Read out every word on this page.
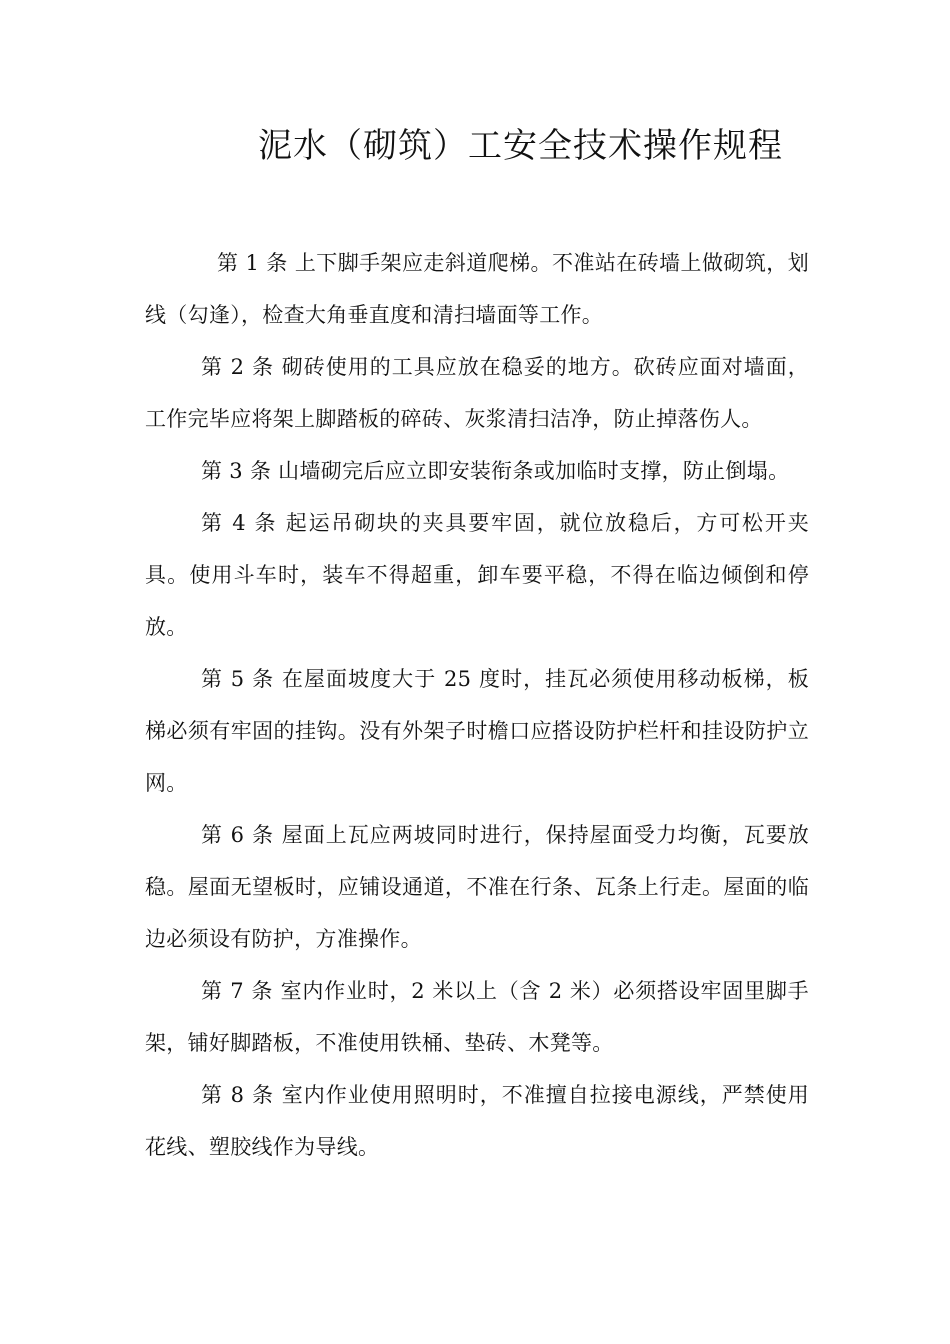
泥水（砌筑）工安全技术操作规程

第 1 条 上下脚手架应走斜道爬梯。不准站在砖墙上做砌筑，划线（勾逢），检查大角垂直度和清扫墙面等工作。

第 2 条 砌砖使用的工具应放在稳妥的地方。砍砖应面对墙面，工作完毕应将架上脚踏板的碎砖、灰浆清扫洁净，防止掉落伤人。

第 3 条 山墙砌完后应立即安装衔条或加临时支撑，防止倒塌。

第 4 条 起运吊砌块的夹具要牢固，就位放稳后，方可松开夹具。使用斗车时，装车不得超重，卸车要平稳，不得在临边倾倒和停放。

第 5 条 在屋面坡度大于 25 度时，挂瓦必须使用移动板梯，板梯必须有牢固的挂钩。没有外架子时檐口应搭设防护栏杆和挂设防护立网。

第 6 条 屋面上瓦应两坡同时进行，保持屋面受力均衡，瓦要放稳。屋面无望板时，应铺设通道，不准在行条、瓦条上行走。屋面的临边必须设有防护，方准操作。

第 7 条 室内作业时，2 米以上（含 2 米）必须搭设牢固里脚手架，铺好脚踏板，不准使用铁桶、垫砖、木凳等。

第 8 条 室内作业使用照明时，不准擅自拉接电源线，严禁使用花线、塑胶线作为导线。
